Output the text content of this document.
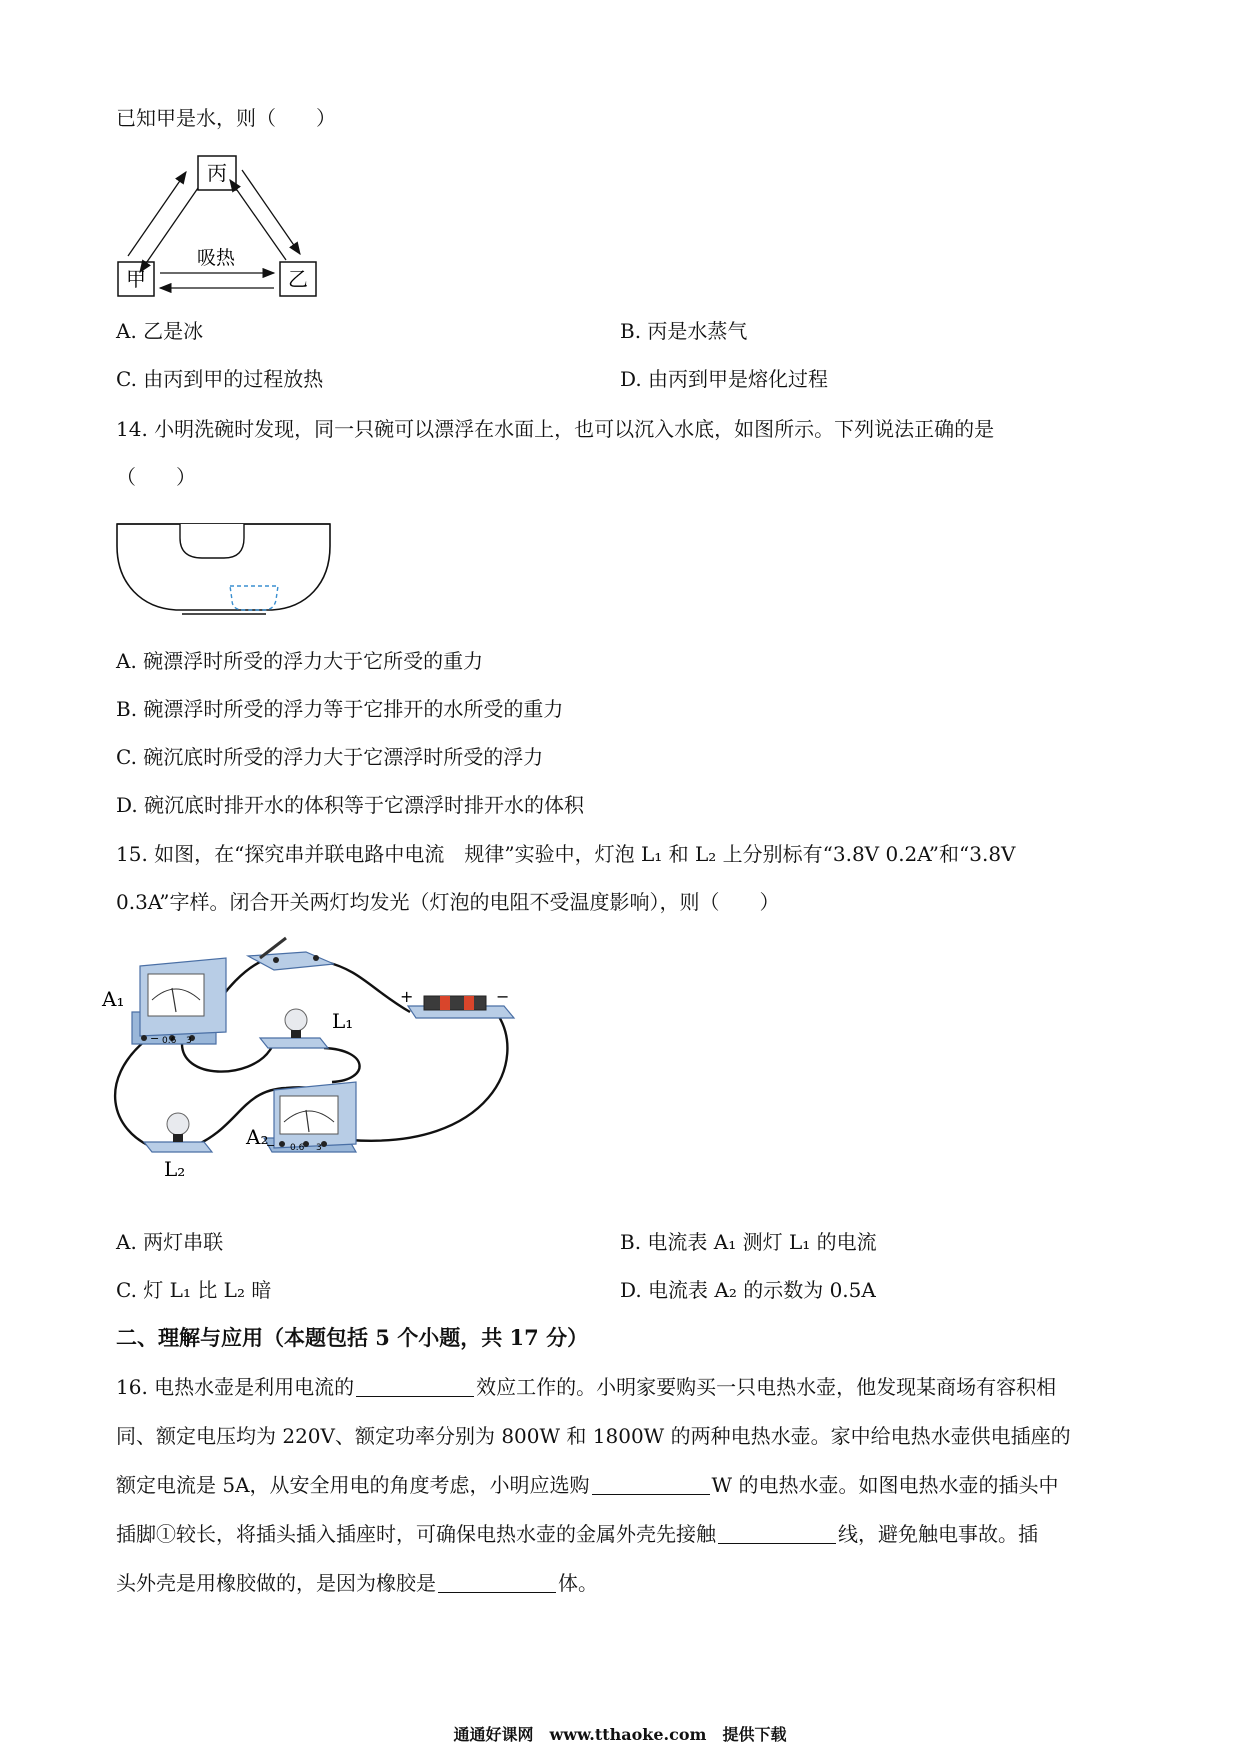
已知甲是水，则（　　）
丙
甲	乙
吸热
A. 乙是冰	B. 丙是水蒸气
C. 由丙到甲的过程放热	D. 由丙到甲是熔化过程
14. 小明洗碗时发现，同一只碗可以漂浮在水面上，也可以沉入水底，如图所示。下列说法正确的是
（　　）
A. 碗漂浮时所受的浮力大于它所受的重力
B. 碗漂浮时所受的浮力等于它排开的水所受的重力
C. 碗沉底时所受的浮力大于它漂浮时所受的浮力
D. 碗沉底时排开水的体积等于它漂浮时排开水的体积
15. 如图，在“探究串并联电路中电流　规律”实验中，灯泡 L₁ 和 L₂ 上分别标有“3.8V 0.2A”和“3.8V
0.3A”字样。闭合开关两灯均发光（灯泡的电阻不受温度影响），则（　　）
− 0.6 3
A₁	+	−
L₁
L₂
− 0.6 3
A₂
A. 两灯串联	B. 电流表 A₁ 测灯 L₁ 的电流
C. 灯 L₁ 比 L₂ 暗	D. 电流表 A₂ 的示数为 0.5A
二、理解与应用（本题包括 5 个小题，共 17 分）
16. 电热水壶是利用电流的	效应工作的。小明家要购买一只电热水壶，他发现某商场有容积相
同、额定电压均为 220V、额定功率分别为 800W 和 1800W 的两种电热水壶。家中给电热水壶供电插座的
额定电流是 5A，从安全用电的角度考虑，小明应选购	W 的电热水壶。如图电热水壶的插头中
插脚①较长，将插头插入插座时，可确保电热水壶的金属外壳先接触	线，避免触电事故。插
头外壳是用橡胶做的，是因为橡胶是	体。
通通好课网　www.tthaoke.com　提供下载
